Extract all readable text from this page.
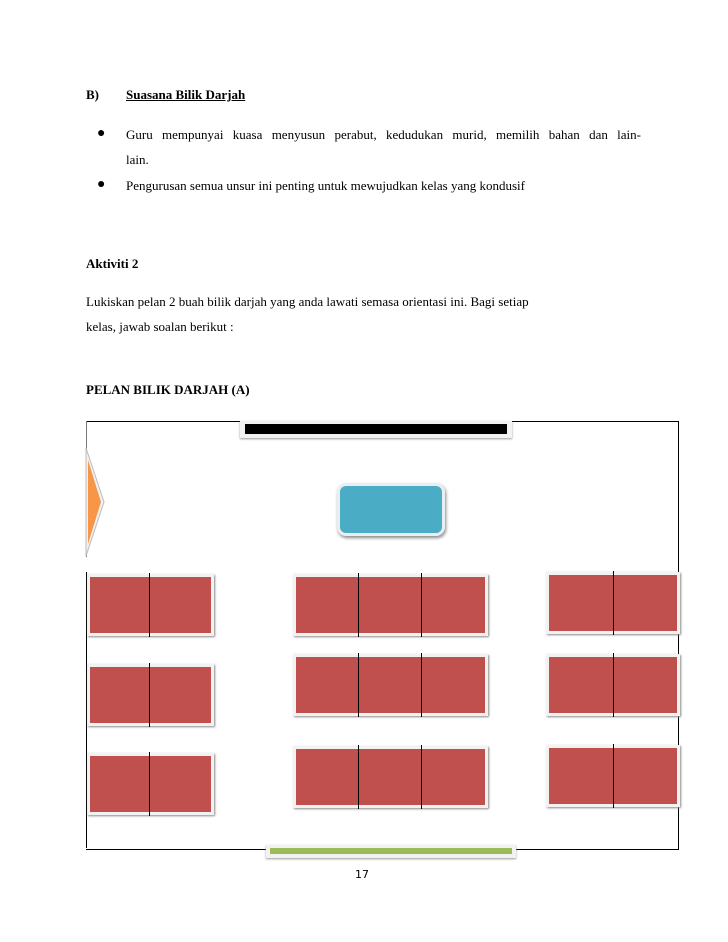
B) Suasana Bilik Darjah
● Guru mempunyai kuasa menyusun perabut, kedudukan murid, memilih bahan dan lain-
lain.
● Pengurusan semua unsur ini penting untuk mewujudkan kelas yang kondusif
Aktiviti 2
Lukiskan pelan 2 buah bilik darjah yang anda lawati semasa orientasi ini. Bagi setiap
kelas, jawab soalan berikut :
PELAN BILIK DARJAH (A)
17
